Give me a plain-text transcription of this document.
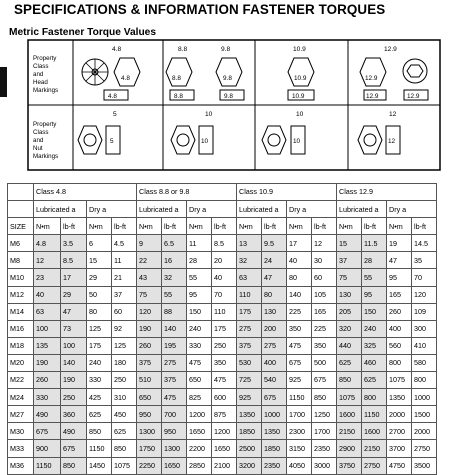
SPECIFICATIONS & INFORMATION FASTENER TORQUES
Metric Fastener Torque Values
Property
Class
and
Head
Markings
Property
Class
and
Nut
Markings
4.8
4.8
4.8
8.8	9.8
8.8	9.8
8.8	9.8
10.9
10.9
10.9
12.9
12.9
12.9	12.9
5	10	10	12
5	10	10	12
	Class 4.8				Class 8.8 or 9.8				Class 10.9				Class 12.9			
	Lubricated a		Dry a		Lubricated a		Dry a		Lubricated a		Dry a		Lubricated a		Dry a	
SIZE	N•m	lb-ft	N•m	lb-ft	N•m	lb-ft	N•m	lb-ft	N•m	lb-ft	N•m	lb-ft	N•m	lb-ft	N•m	lb-ft
M6	4.8	3.5	6	4.5	9	6.5	11	8.5	13	9.5	17	12	15	11.5	19	14.5
M8	12	8.5	15	11	22	16	28	20	32	24	40	30	37	28	47	35
M10	23	17	29	21	43	32	55	40	63	47	80	60	75	55	95	70
M12	40	29	50	37	75	55	95	70	110	80	140	105	130	95	165	120
M14	63	47	80	60	120	88	150	110	175	130	225	165	205	150	260	109
M16	100	73	125	92	190	140	240	175	275	200	350	225	320	240	400	300
M18	135	100	175	125	260	195	330	250	375	275	475	350	440	325	560	410
M20	190	140	240	180	375	275	475	350	530	400	675	500	625	460	800	580
M22	260	190	330	250	510	375	650	475	725	540	925	675	850	625	1075	800
M24	330	250	425	310	650	475	825	600	925	675	1150	850	1075	800	1350	1000
M27	490	360	625	450	950	700	1200	875	1350	1000	1700	1250	1600	1150	2000	1500
M30	675	490	850	625	1300	950	1650	1200	1850	1350	2300	1700	2150	1600	2700	2000
M33	900	675	1150	850	1750	1300	2200	1650	2500	1850	3150	2350	2900	2150	3700	2750
M36	1150	850	1450	1075	2250	1650	2850	2100	3200	2350	4050	3000	3750	2750	4750	3500
